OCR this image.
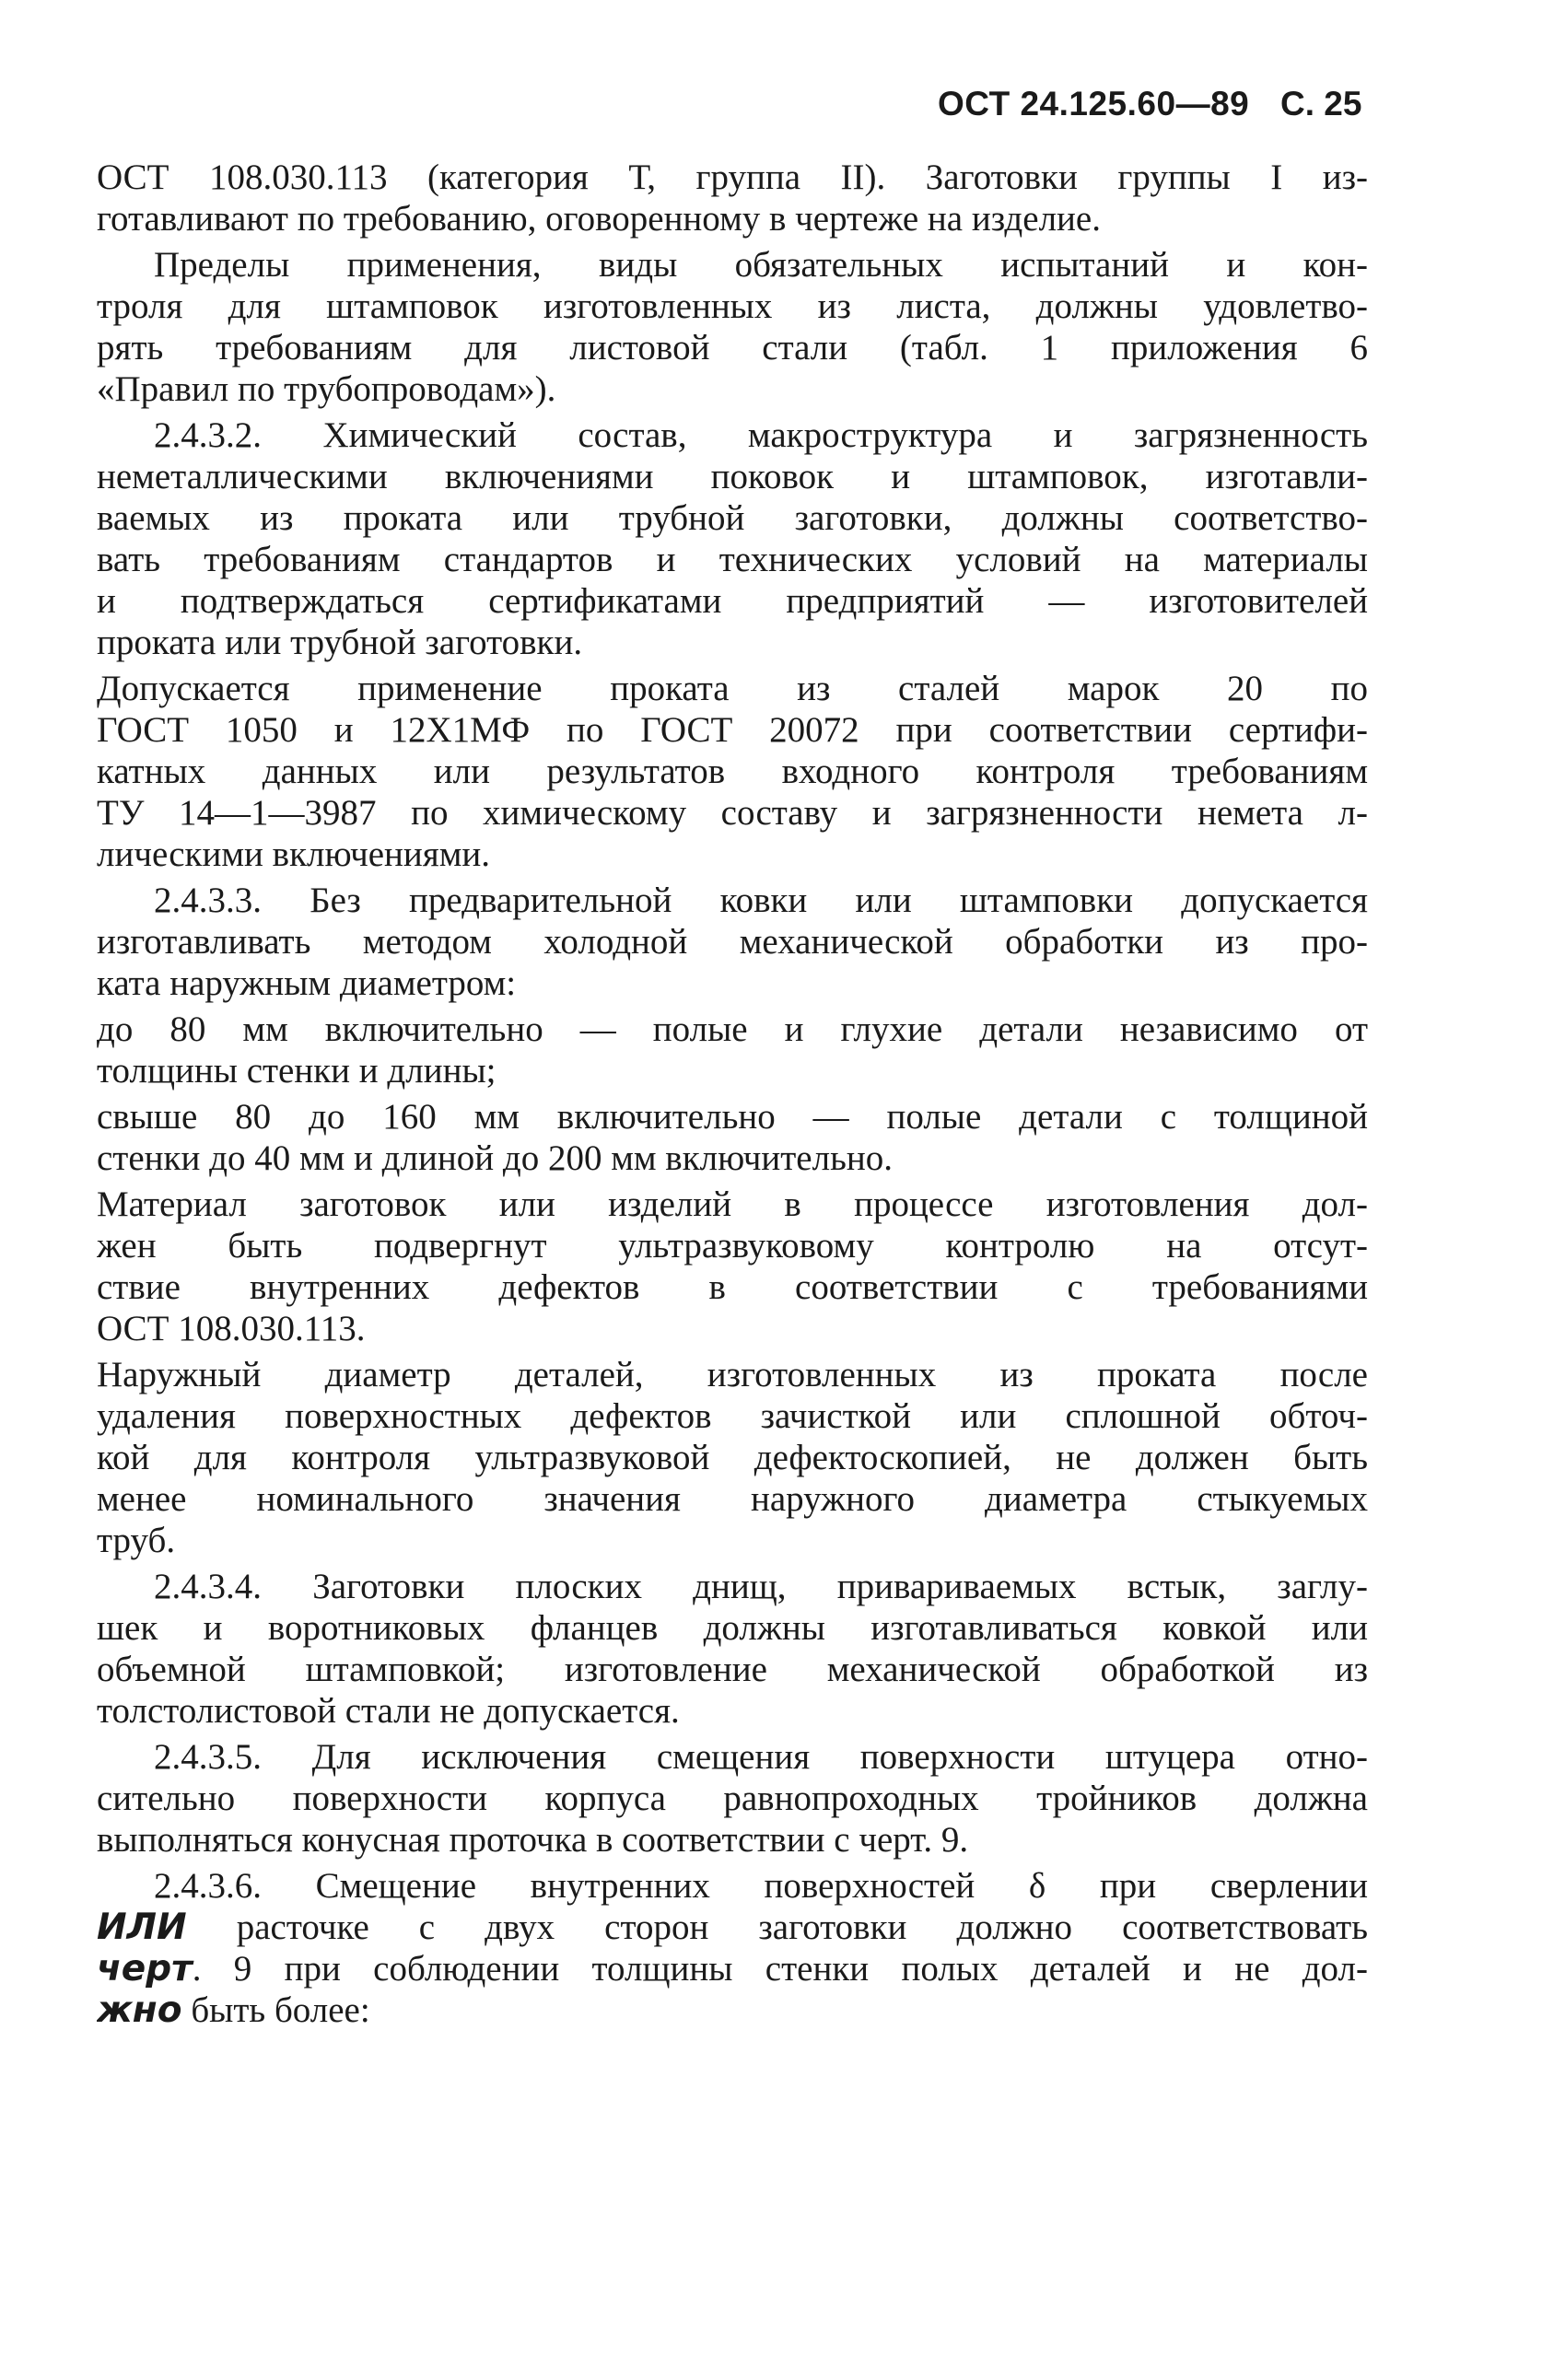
ОСТ 24.125.60—89 С. 25
ОСТ 108.030.113 (категория Т, группа II). Заготовки группы I из-
готавливают по требованию, оговоренному в чертеже на изделие.
Пределы применения, виды обязательных испытаний и кон-
троля для штамповок изготовленных из листа, должны удовлетво-
рять требованиям для листовой стали (табл. 1 приложения 6
«Правил по трубопроводам»).
2.4.3.2. Химический состав, макроструктура и загрязненность
неметаллическими включениями поковок и штамповок, изготавли-
ваемых из проката или трубной заготовки, должны соответство-
вать требованиям стандартов и технических условий на материалы
и подтверждаться сертификатами предприятий — изготовителей
проката или трубной заготовки.
Допускается применение проката из сталей марок 20 по
ГОСТ 1050 и 12Х1МФ по ГОСТ 20072 при соответствии сертифи-
катных данных или результатов входного контроля требованиям
ТУ 14—1—3987 по химическому составу и загрязненности немета л-
лическими включениями.
2.4.3.3. Без предварительной ковки или штамповки допускается
изготавливать методом холодной механической обработки из про-
ката наружным диаметром:
до 80 мм включительно — полые и глухие детали независимо от
толщины стенки и длины;
свыше 80 до 160 мм включительно — полые детали с толщиной
стенки до 40 мм и длиной до 200 мм включительно.
Материал заготовок или изделий в процессе изготовления дол-
жен быть подвергнут ультразвуковому контролю на отсут-
ствие внутренних дефектов в соответствии с требованиями
ОСТ 108.030.113.
Наружный диаметр деталей, изготовленных из проката после
удаления поверхностных дефектов зачисткой или сплошной обточ-
кой для контроля ультразвуковой дефектоскопией, не должен быть
менее номинального значения наружного диаметра стыкуемых
труб.
2.4.3.4. Заготовки плоских днищ, привариваемых встык, заглу-
шек и воротниковых фланцев должны изготавливаться ковкой или
объемной штамповкой; изготовление механической обработкой из
толстолистовой стали не допускается.
2.4.3.5. Для исключения смещения поверхности штуцера отно-
сительно поверхности корпуса равнопроходных тройников должна
выполняться конусная проточка в соответствии с черт. 9.
2.4.3.6. Смещение внутренних поверхностей δ при сверлении
ИЛИ расточке с двух сторон заготовки должно соответствовать
черт. 9 при соблюдении толщины стенки полых деталей и не дол-
жно быть более:
